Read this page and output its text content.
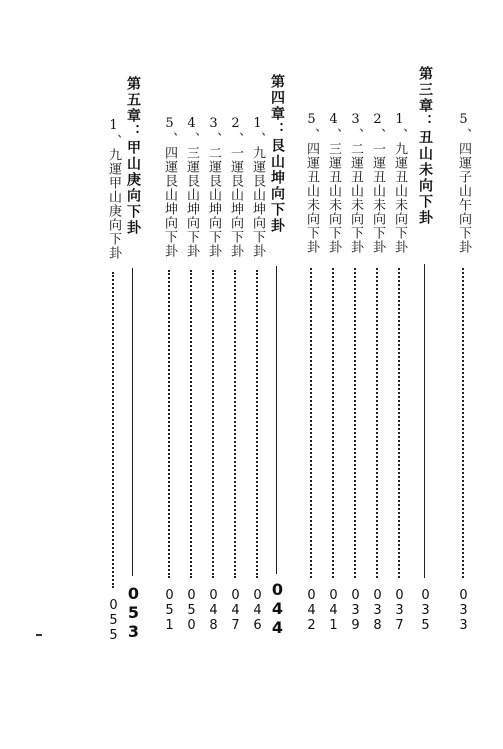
5、四運子山午向下卦
033
第三章：丑山未向下卦
035
1、九運丑山未向下卦
037
2、一運丑山未向下卦
038
3、二運丑山未向下卦
039
4、三運丑山未向下卦
041
5、四運丑山未向下卦
042
第四章：艮山坤向下卦
044
1、九運艮山坤向下卦
046
2、一運艮山坤向下卦
047
3、二運艮山坤向下卦
048
4、三運艮山坤向下卦
050
5、四運艮山坤向下卦
051
第五章：甲山庚向下卦
053
1、九運甲山庚向下卦
055
